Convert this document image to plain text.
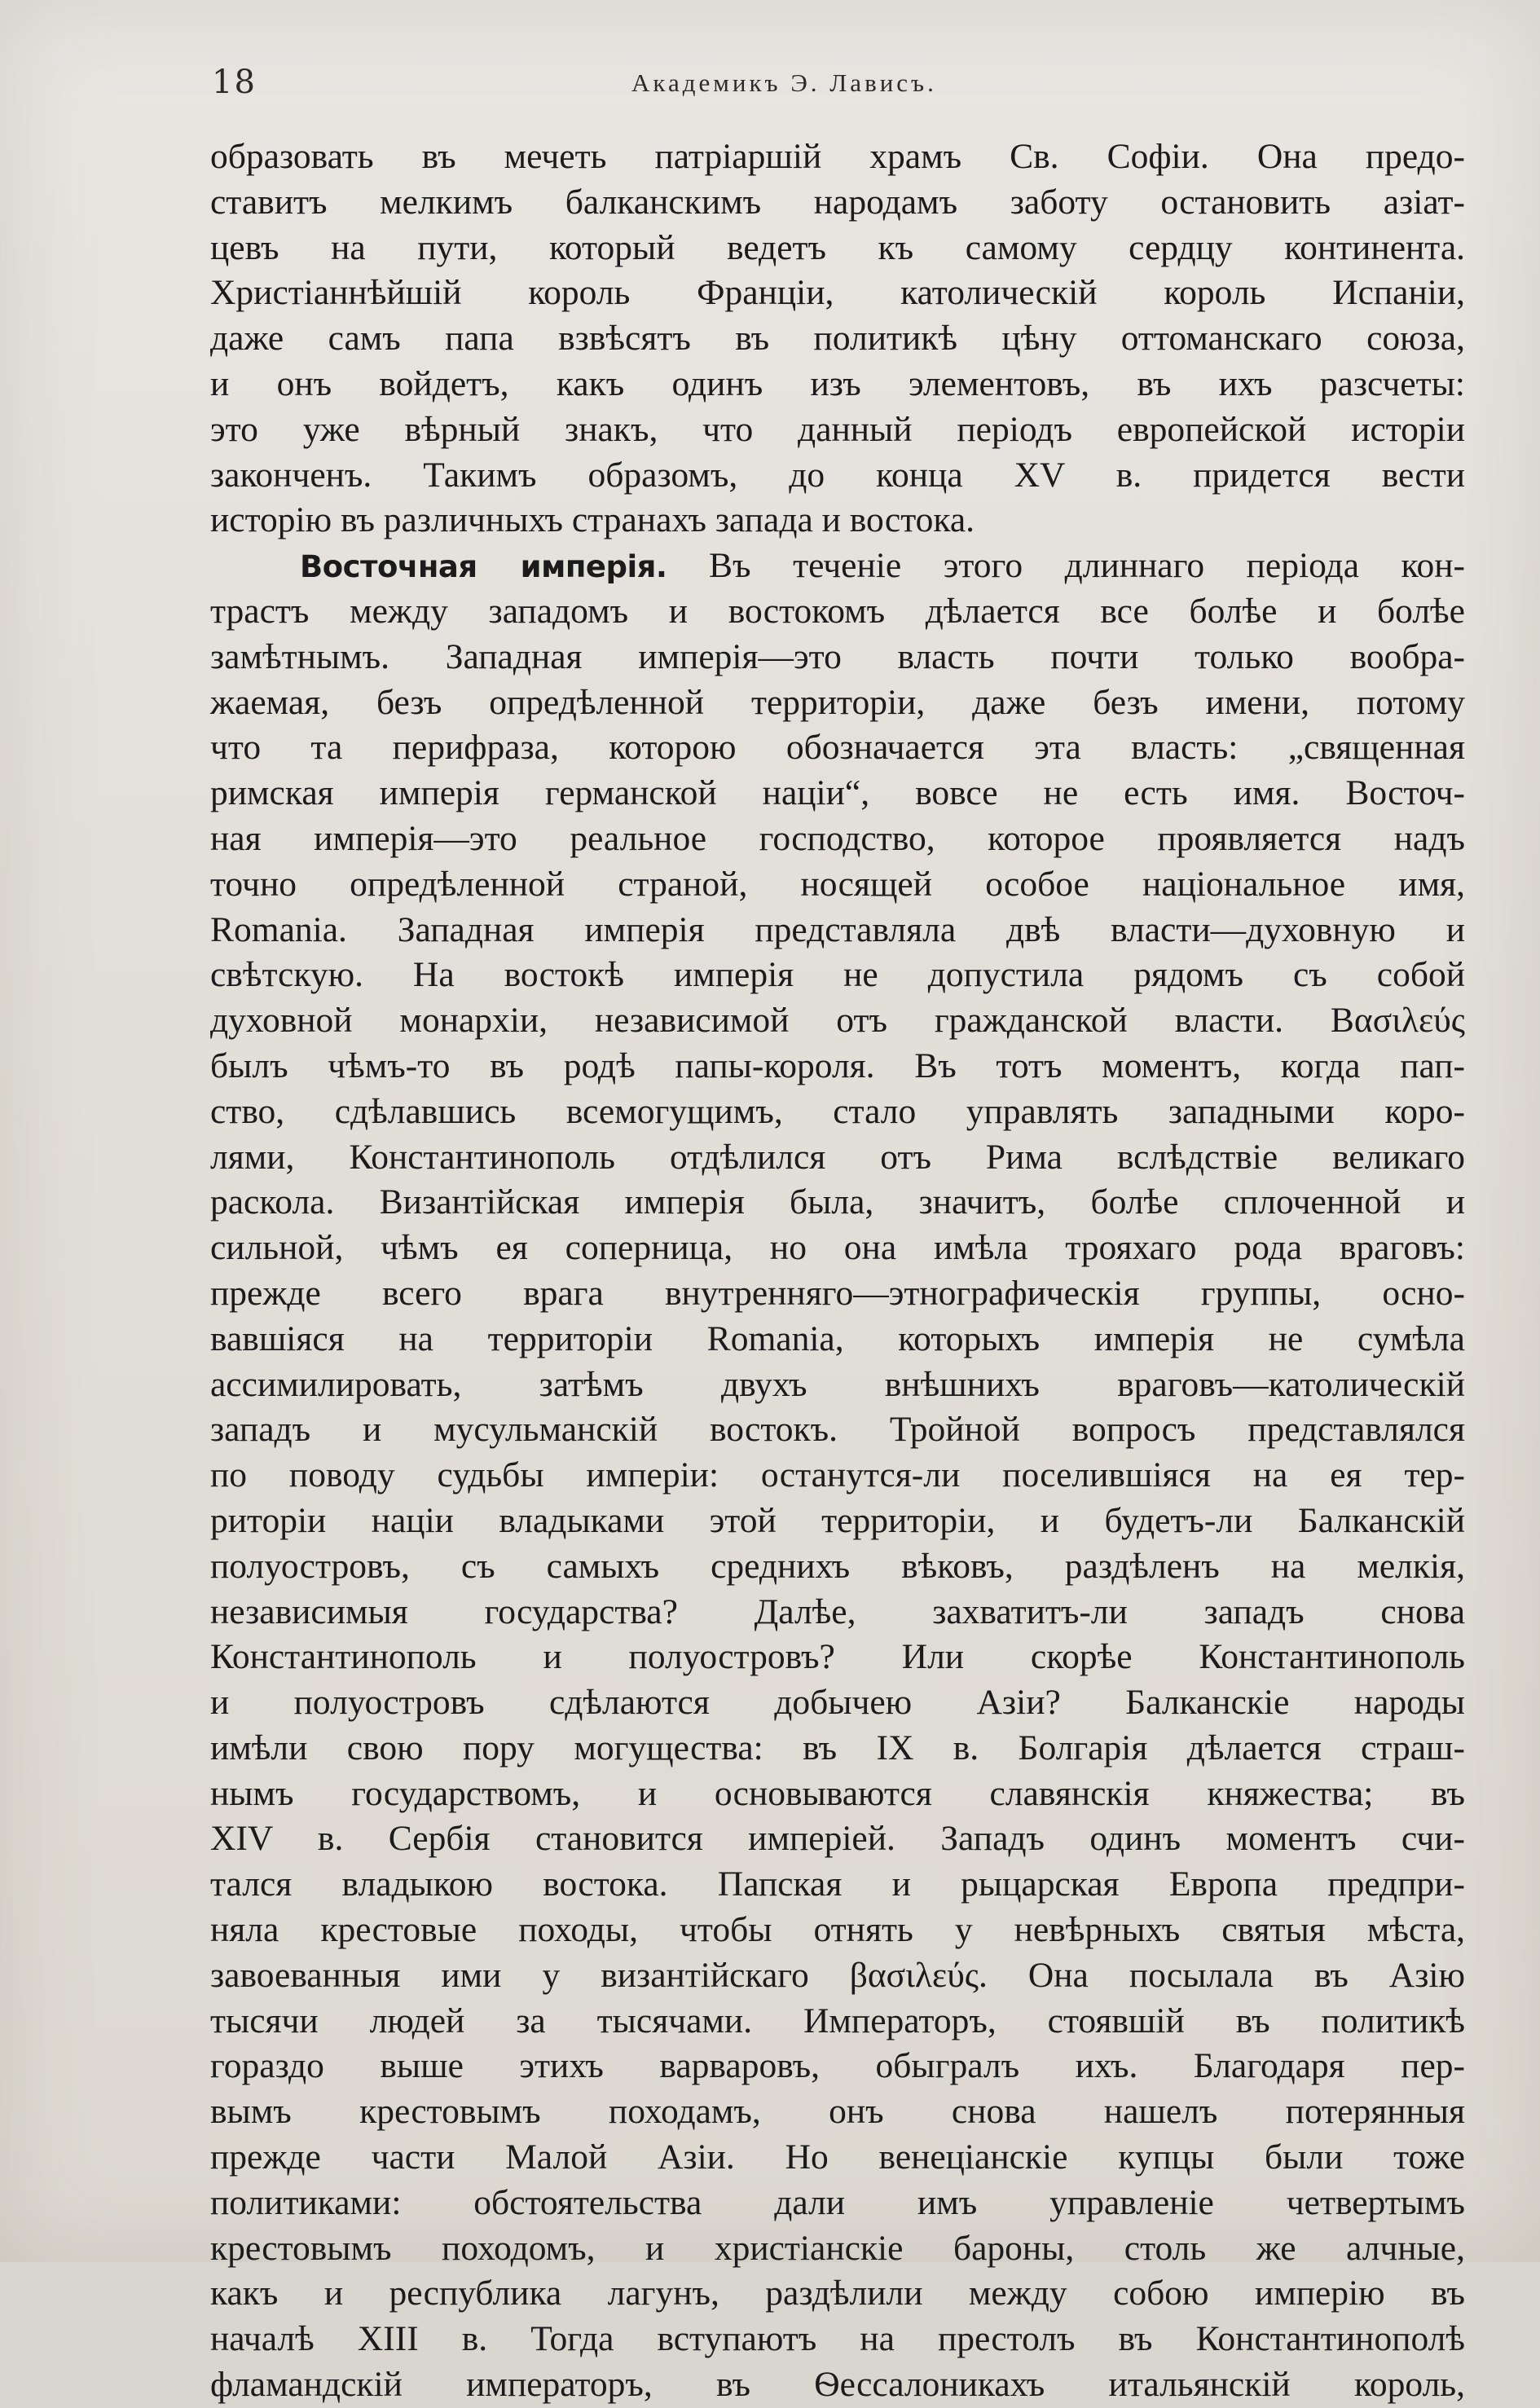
18	Академикъ Э. Лависъ.
образовать въ мечеть патріаршій храмъ Св. Софіи. Она предо-
ставитъ мелкимъ балканскимъ народамъ заботу остановить азіат-
цевъ на пути, который ведетъ къ самому сердцу континента.
Христіаннѣйшій король Франціи, католическій король Испаніи,
даже самъ папа взвѣсятъ въ политикѣ цѣну оттоманскаго союза,
и онъ войдетъ, какъ одинъ изъ элементовъ, въ ихъ разсчеты:
это уже вѣрный знакъ, что данный періодъ европейской исторіи
законченъ. Такимъ образомъ, до конца XV в. придется вести
исторію въ различныхъ странахъ запада и востока.
Восточная имперія. Въ теченіе этого длиннаго періода кон-
трастъ между западомъ и востокомъ дѣлается все болѣе и болѣе
замѣтнымъ. Западная имперія—это власть почти только вообра-
жаемая, безъ опредѣленной территоріи, даже безъ имени, потому
что та перифраза, которою обозначается эта власть: „священная
римская имперія германской націи“, вовсе не есть имя. Восточ-
ная имперія—это реальное господство, которое проявляется надъ
точно опредѣленной страной, носящей особое національное имя,
Romania. Западная имперія представляла двѣ власти—духовную и
свѣтскую. На востокѣ имперія не допустила рядомъ съ собой
духовной монархіи, независимой отъ гражданской власти. Βασιλεύς
былъ чѣмъ-то въ родѣ папы-короля. Въ тотъ моментъ, когда пап-
ство, сдѣлавшись всемогущимъ, стало управлять западными коро-
лями, Константинополь отдѣлился отъ Рима вслѣдствіе великаго
раскола. Византійская имперія была, значитъ, болѣе сплоченной и
сильной, чѣмъ ея соперница, но она имѣла трояхаго рода враговъ:
прежде всего врага внутренняго—этнографическія группы, осно-
вавшіяся на территоріи Romania, которыхъ имперія не сумѣла
ассимилировать, затѣмъ двухъ внѣшнихъ враговъ—католическій
западъ и мусульманскій востокъ. Тройной вопросъ представлялся
по поводу судьбы имперіи: останутся-ли поселившіяся на ея тер-
риторіи націи владыками этой территоріи, и будетъ-ли Балканскій
полуостровъ, съ самыхъ среднихъ вѣковъ, раздѣленъ на мелкія,
независимыя государства? Далѣе, захватитъ-ли западъ снова
Константинополь и полуостровъ? Или скорѣе Константинополь
и полуостровъ сдѣлаются добычею Азіи? Балканскіе народы
имѣли свою пору могущества: въ IX в. Болгарія дѣлается страш-
нымъ государствомъ, и основываются славянскія княжества; въ
XIV в. Сербія становится имперіей. Западъ одинъ моментъ счи-
тался владыкою востока. Папская и рыцарская Европа предпри-
няла крестовые походы, чтобы отнять у невѣрныхъ святыя мѣста,
завоеванныя ими у византійскаго βασιλεύς. Она посылала въ Азію
тысячи людей за тысячами. Императоръ, стоявшій въ политикѣ
гораздо выше этихъ варваровъ, обыгралъ ихъ. Благодаря пер-
вымъ крестовымъ походамъ, онъ снова нашелъ потерянныя
прежде части Малой Азіи. Но венеціанскіе купцы были тоже
политиками: обстоятельства дали имъ управленіе четвертымъ
крестовымъ походомъ, и христіанскіе бароны, столь же алчные,
какъ и республика лагунъ, раздѣлили между собою имперію въ
началѣ XIII в. Тогда вступаютъ на престолъ въ Константинополѣ
фламандскій императоръ, въ Ѳессалоникахъ итальянскій король,
